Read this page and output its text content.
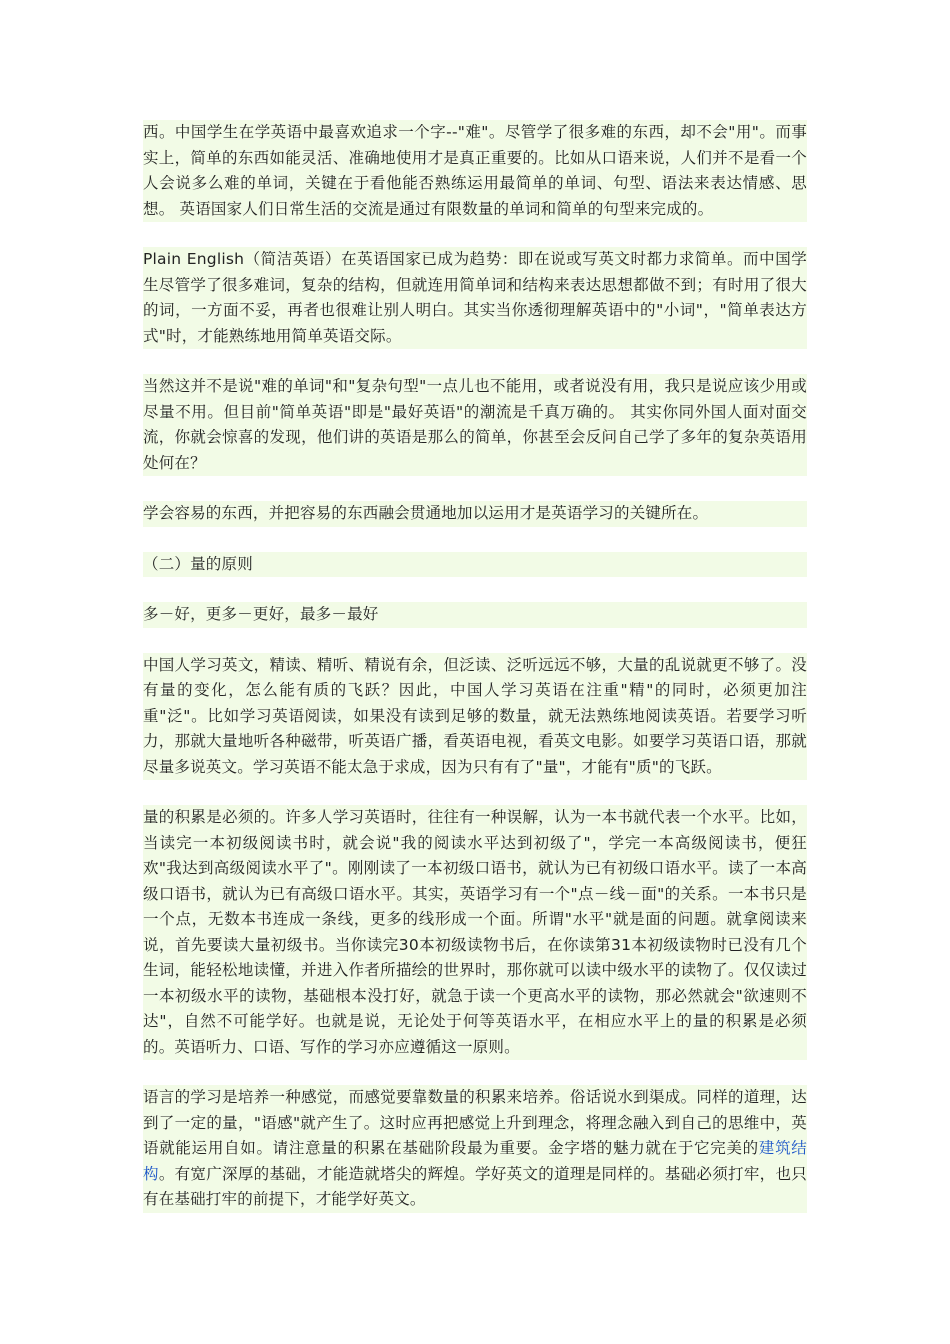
西。中国学生在学英语中最喜欢追求一个字--"难"。尽管学了很多难的东西，却不会"用"。而事实上，简单的东西如能灵活、准确地使用才是真正重要的。比如从口语来说，人们并不是看一个人会说多么难的单词，关键在于看他能否熟练运用最简单的单词、句型、语法来表达情感、思想。 英语国家人们日常生活的交流是通过有限数量的单词和简单的句型来完成的。

Plain English（简洁英语）在英语国家已成为趋势：即在说或写英文时都力求简单。而中国学生尽管学了很多难词，复杂的结构，但就连用简单词和结构来表达思想都做不到；有时用了很大的词，一方面不妥，再者也很难让别人明白。其实当你透彻理解英语中的"小词"，"简单表达方式"时，才能熟练地用简单英语交际。

当然这并不是说"难的单词"和"复杂句型"一点儿也不能用，或者说没有用，我只是说应该少用或尽量不用。但目前"简单英语"即是"最好英语"的潮流是千真万确的。 其实你同外国人面对面交流，你就会惊喜的发现，他们讲的英语是那么的简单，你甚至会反问自己学了多年的复杂英语用处何在？

学会容易的东西，并把容易的东西融会贯通地加以运用才是英语学习的关键所在。

（二）量的原则

多－好，更多－更好，最多－最好

中国人学习英文，精读、精听、精说有余，但泛读、泛听远远不够，大量的乱说就更不够了。没有量的变化，怎么能有质的飞跃？因此，中国人学习英语在注重"精"的同时，必须更加注重"泛"。比如学习英语阅读，如果没有读到足够的数量，就无法熟练地阅读英语。若要学习听力，那就大量地听各种磁带，听英语广播，看英语电视，看英文电影。如要学习英语口语，那就尽量多说英文。学习英语不能太急于求成，因为只有有了"量"，才能有"质"的飞跃。

量的积累是必须的。许多人学习英语时，往往有一种误解，认为一本书就代表一个水平。比如，当读完一本初级阅读书时，就会说"我的阅读水平达到初级了"，学完一本高级阅读书，便狂欢"我达到高级阅读水平了"。刚刚读了一本初级口语书，就认为已有初级口语水平。读了一本高级口语书，就认为已有高级口语水平。其实，英语学习有一个"点－线－面"的关系。一本书只是一个点，无数本书连成一条线，更多的线形成一个面。所谓"水平"就是面的问题。就拿阅读来说，首先要读大量初级书。当你读完30本初级读物书后，在你读第31本初级读物时已没有几个生词，能轻松地读懂，并进入作者所描绘的世界时，那你就可以读中级水平的读物了。仅仅读过一本初级水平的读物，基础根本没打好，就急于读一个更高水平的读物，那必然就会"欲速则不达"，自然不可能学好。也就是说，无论处于何等英语水平，在相应水平上的量的积累是必须的。英语听力、口语、写作的学习亦应遵循这一原则。

语言的学习是培养一种感觉，而感觉要靠数量的积累来培养。俗话说水到渠成。同样的道理，达到了一定的量，"语感"就产生了。这时应再把感觉上升到理念，将理念融入到自己的思维中，英语就能运用自如。请注意量的积累在基础阶段最为重要。金字塔的魅力就在于它完美的建筑结构。有宽广深厚的基础，才能造就塔尖的辉煌。学好英文的道理是同样的。基础必须打牢，也只有在基础打牢的前提下，才能学好英文。
